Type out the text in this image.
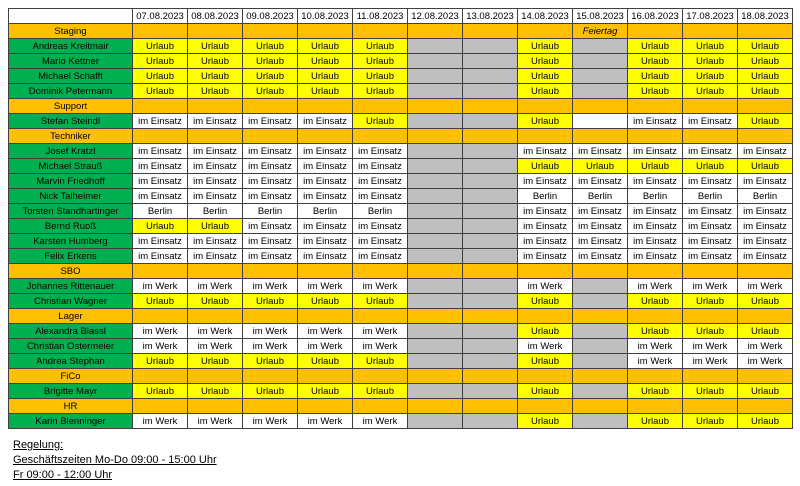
	07.08.2023	08.08.2023	09.08.2023	10.08.2023	11.08.2023	12.08.2023	13.08.2023	14.08.2023	15.08.2023	16.08.2023	17.08.2023	18.08.2023
Staging									Feiertag			
Andreas Kreitmair	Urlaub	Urlaub	Urlaub	Urlaub	Urlaub			Urlaub		Urlaub	Urlaub	Urlaub
Mario Kettner	Urlaub	Urlaub	Urlaub	Urlaub	Urlaub			Urlaub		Urlaub	Urlaub	Urlaub
Michael Schafft	Urlaub	Urlaub	Urlaub	Urlaub	Urlaub			Urlaub		Urlaub	Urlaub	Urlaub
Dominik Petermann	Urlaub	Urlaub	Urlaub	Urlaub	Urlaub			Urlaub		Urlaub	Urlaub	Urlaub
Support												
Stefan Steindl	im Einsatz	im Einsatz	im Einsatz	im Einsatz	Urlaub			Urlaub		im Einsatz	im Einsatz	Urlaub
Techniker												
Josef Kratzl	im Einsatz	im Einsatz	im Einsatz	im Einsatz	im Einsatz			im Einsatz	im Einsatz	im Einsatz	im Einsatz	im Einsatz
Michael Strauß	im Einsatz	im Einsatz	im Einsatz	im Einsatz	im Einsatz			Urlaub	Urlaub	Urlaub	Urlaub	Urlaub
Marvin Friedhoff	im Einsatz	im Einsatz	im Einsatz	im Einsatz	im Einsatz			im Einsatz	im Einsatz	im Einsatz	im Einsatz	im Einsatz
Nick Talheimer	im Einsatz	im Einsatz	im Einsatz	im Einsatz	im Einsatz			Berlin	Berlin	Berlin	Berlin	Berlin
Torsten Standhartinger	Berlin	Berlin	Berlin	Berlin	Berlin			im Einsatz	im Einsatz	im Einsatz	im Einsatz	im Einsatz
Bernd Ruoß	Urlaub	Urlaub	im Einsatz	im Einsatz	im Einsatz			im Einsatz	im Einsatz	im Einsatz	im Einsatz	im Einsatz
Karsten Humberg	im Einsatz	im Einsatz	im Einsatz	im Einsatz	im Einsatz			im Einsatz	im Einsatz	im Einsatz	im Einsatz	im Einsatz
Felix Erkens	im Einsatz	im Einsatz	im Einsatz	im Einsatz	im Einsatz			im Einsatz	im Einsatz	im Einsatz	im Einsatz	im Einsatz
SBO												
Johannes Rittenauer	im Werk	im Werk	im Werk	im Werk	im Werk			im Werk		im Werk	im Werk	im Werk
Christian Wagner	Urlaub	Urlaub	Urlaub	Urlaub	Urlaub			Urlaub		Urlaub	Urlaub	Urlaub
Lager												
Alexandra Blassl	im Werk	im Werk	im Werk	im Werk	im Werk			Urlaub		Urlaub	Urlaub	Urlaub
Christian Ostermeier	im Werk	im Werk	im Werk	im Werk	im Werk			im Werk		im Werk	im Werk	im Werk
Andrea Stephan	Urlaub	Urlaub	Urlaub	Urlaub	Urlaub			Urlaub		im Werk	im Werk	im Werk
FiCo												
Brigitte Mayr	Urlaub	Urlaub	Urlaub	Urlaub	Urlaub			Urlaub		Urlaub	Urlaub	Urlaub
HR												
Karin Blenninger	im Werk	im Werk	im Werk	im Werk	im Werk			Urlaub		Urlaub	Urlaub	Urlaub
Regelung:
Geschäftszeiten Mo-Do 09:00 - 15:00 Uhr
Fr 09:00 - 12:00 Uhr
